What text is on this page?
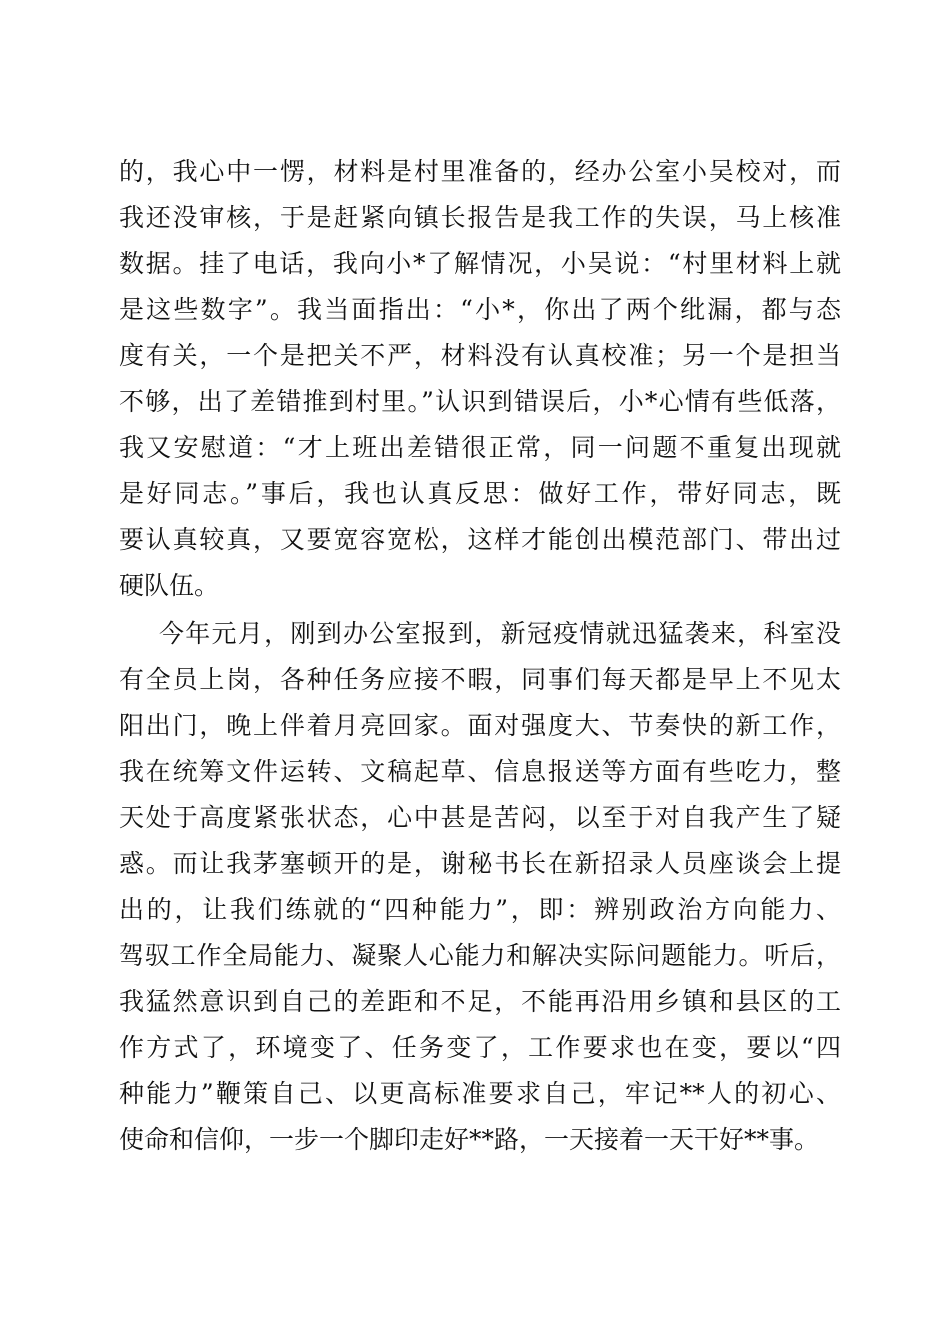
的，我心中一愣，材料是村里准备的，经办公室小吴校对，而
我还没审核，于是赶紧向镇长报告是我工作的失误，马上核准
数据。挂了电话，我向小*了解情况，小吴说：“村里材料上就
是这些数字”。我当面指出：“小*，你出了两个纰漏，都与态
度有关，一个是把关不严，材料没有认真校准；另一个是担当
不够，出了差错推到村里。”认识到错误后，小*心情有些低落，
我又安慰道：“才上班出差错很正常，同一问题不重复出现就
是好同志。”事后，我也认真反思：做好工作，带好同志，既
要认真较真，又要宽容宽松，这样才能创出模范部门、带出过
硬队伍。
今年元月，刚到办公室报到，新冠疫情就迅猛袭来，科室没
有全员上岗，各种任务应接不暇，同事们每天都是早上不见太
阳出门，晚上伴着月亮回家。面对强度大、节奏快的新工作，
我在统筹文件运转、文稿起草、信息报送等方面有些吃力，整
天处于高度紧张状态，心中甚是苦闷，以至于对自我产生了疑
惑。而让我茅塞顿开的是，谢秘书长在新招录人员座谈会上提
出的，让我们练就的“四种能力”，即：辨别政治方向能力、
驾驭工作全局能力、凝聚人心能力和解决实际问题能力。听后，
我猛然意识到自己的差距和不足，不能再沿用乡镇和县区的工
作方式了，环境变了、任务变了，工作要求也在变，要以“四
种能力”鞭策自己、以更高标准要求自己，牢记**人的初心、
使命和信仰，一步一个脚印走好**路，一天接着一天干好**事。
